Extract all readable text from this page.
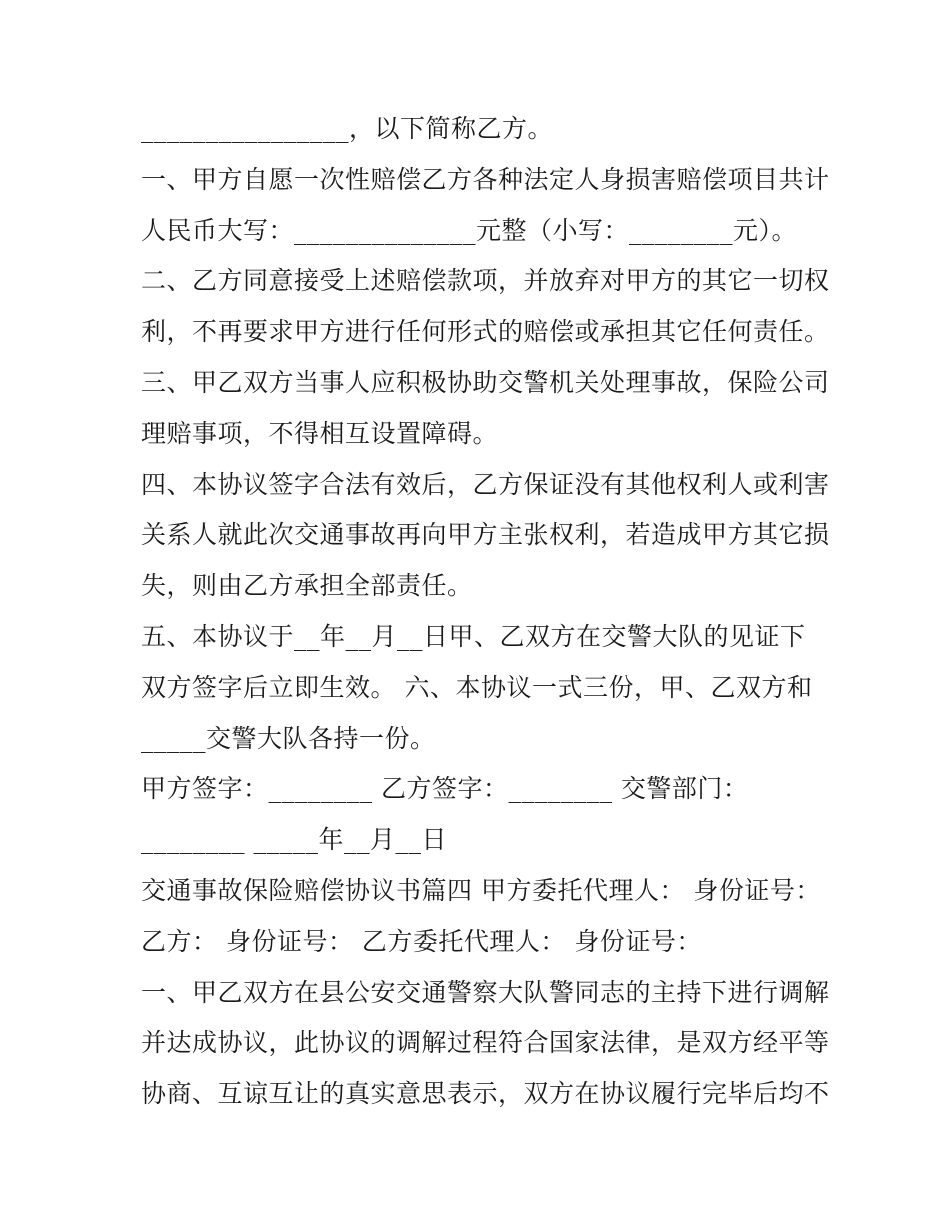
________________，以下简称乙方。
一、甲方自愿一次性赔偿乙方各种法定人身损害赔偿项目共计
人民币大写：______________元整（小写：________元）。
二、乙方同意接受上述赔偿款项，并放弃对甲方的其它一切权
利，不再要求甲方进行任何形式的赔偿或承担其它任何责任。
三、甲乙双方当事人应积极协助交警机关处理事故，保险公司
理赔事项，不得相互设置障碍。
四、本协议签字合法有效后，乙方保证没有其他权利人或利害
关系人就此次交通事故再向甲方主张权利，若造成甲方其它损
失，则由乙方承担全部责任。
五、本协议于__年__月__日甲、乙双方在交警大队的见证下
双方签字后立即生效。 六、本协议一式三份，甲、乙双方和
_____交警大队各持一份。
甲方签字：________ 乙方签字：________ 交警部门：
________ _____年__月__日
交通事故保险赔偿协议书篇四 甲方委托代理人： 身份证号：
乙方： 身份证号： 乙方委托代理人： 身份证号：
一、甲乙双方在县公安交通警察大队警同志的主持下进行调解
并达成协议，此协议的调解过程符合国家法律，是双方经平等
协商、互谅互让的真实意思表示，双方在协议履行完毕后均不
